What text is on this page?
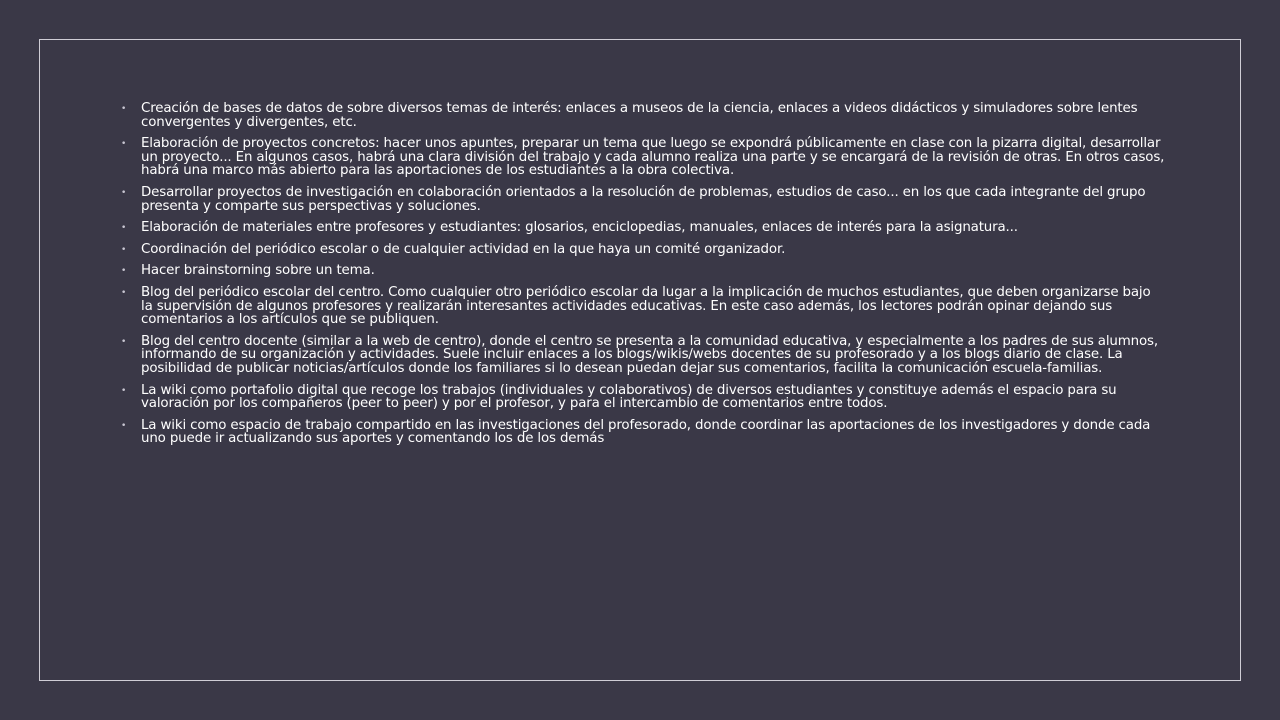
•	Creación de bases de datos de sobre diversos temas de interés: enlaces a museos de la ciencia, enlaces a videos didácticos y simuladores sobre lentes convergentes y divergentes, etc.
•	Elaboración de proyectos concretos: hacer unos apuntes, preparar un tema que luego se expondrá públicamente en clase con la pizarra digital, desarrollar un proyecto... En algunos casos, habrá una clara división del trabajo y cada alumno realiza una parte y se encargará de la revisión de otras. En otros casos, habrá una marco más abierto para las aportaciones de los estudiantes a la obra colectiva.
•	Desarrollar proyectos de investigación en colaboración orientados a la resolución de problemas, estudios de caso... en los que cada integrante del grupo presenta y comparte sus perspectivas y soluciones.
•	Elaboración de materiales entre profesores y estudiantes: glosarios, enciclopedias, manuales, enlaces de interés para la asignatura...
•	Coordinación del periódico escolar o de cualquier actividad en la que haya un comité organizador.
•	Hacer brainstorning sobre un tema.
•	Blog del periódico escolar del centro. Como cualquier otro periódico escolar da lugar a la implicación de muchos estudiantes, que deben organizarse bajo la supervisión de algunos profesores y realizarán interesantes actividades educativas. En este caso además, los lectores podrán opinar dejando sus comentarios a los artículos que se publiquen.
•	Blog del centro docente (similar a la web de centro), donde el centro se presenta a la comunidad educativa, y especialmente a los padres de sus alumnos, informando de su organización y actividades. Suele incluir enlaces a los blogs/wikis/webs docentes de su profesorado y a los blogs diario de clase. La posibilidad de publicar noticias/artículos donde los familiares si lo desean puedan dejar sus comentarios, facilita la comunicación escuela-familias.
•	La wiki como portafolio digital que recoge los trabajos (individuales y colaborativos) de diversos estudiantes y constituye además el espacio para su valoración por los compañeros (peer to peer) y por el profesor, y para el intercambio de comentarios entre todos.
•	La wiki como espacio de trabajo compartido en las investigaciones del profesorado, donde coordinar las aportaciones de los investigadores y donde cada uno puede ir actualizando sus aportes y comentando los de los demás
